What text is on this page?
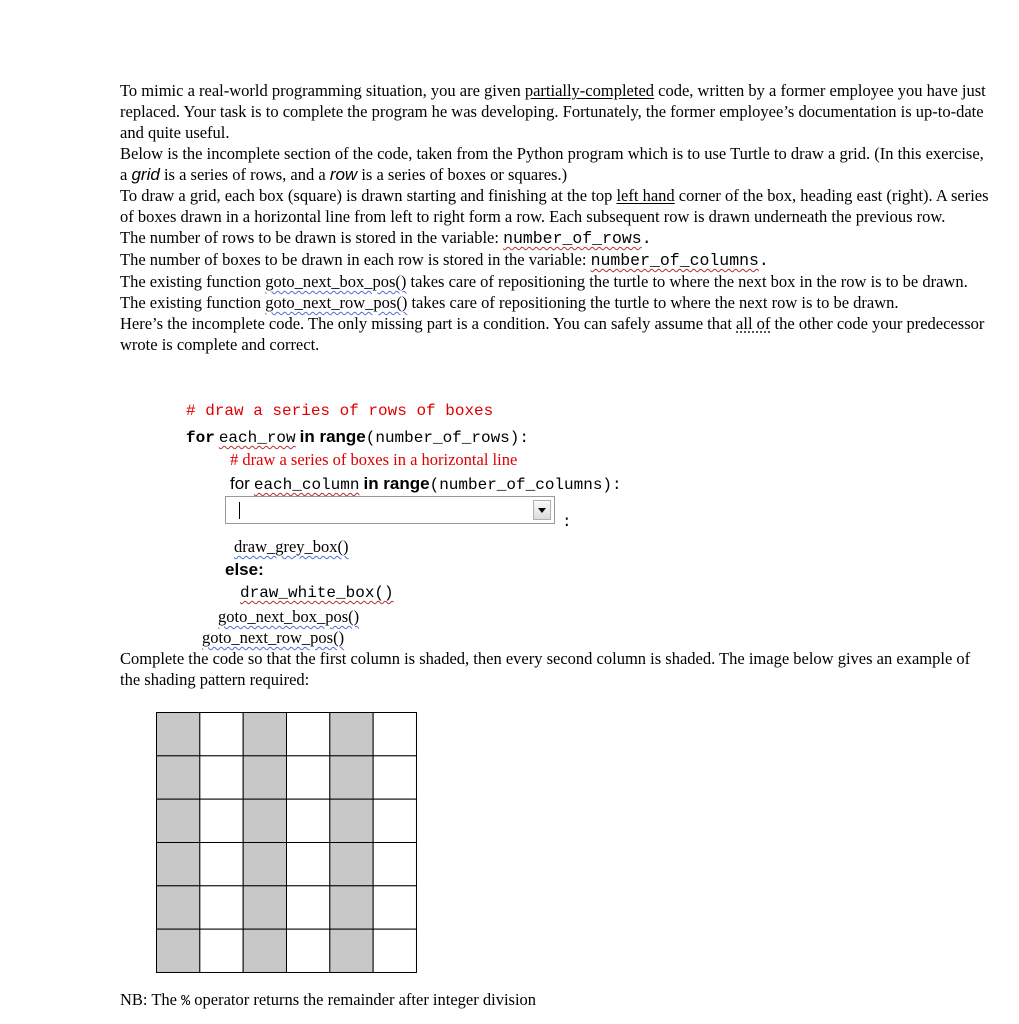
To mimic a real-world programming situation, you are given partially-completed code, written by a former employee you have just replaced. Your task is to complete the program he was developing. Fortunately, the former employee’s documentation is up-to-date and quite useful.

Below is the incomplete section of the code, taken from the Python program which is to use Turtle to draw a grid. (In this exercise, a grid is a series of rows, and a row is a series of boxes or squares.)

To draw a grid, each box (square) is drawn starting and finishing at the top left hand corner of the box, heading east (right). A series of boxes drawn in a horizontal line from left to right form a row. Each subsequent row is drawn underneath the previous row.

The number of rows to be drawn is stored in the variable: number_of_rows.

The number of boxes to be drawn in each row is stored in the variable: number_of_columns.

The existing function goto_next_box_pos() takes care of repositioning the turtle to where the next box in the row is to be drawn. The existing function goto_next_row_pos() takes care of repositioning the turtle to where the next row is to be drawn.

Here’s the incomplete code. The only missing part is a condition. You can safely assume that all of the other code your predecessor wrote is complete and correct.

# draw a series of rows of boxes
for each_row in range(number_of_rows):
# draw a series of boxes in a horizontal line
for each_column in range(number_of_columns):
:
draw_grey_box()
else:
draw_white_box()
goto_next_box_pos()
goto_next_row_pos()
Complete the code so that the first column is shaded, then every second column is shaded. The image below gives an example of the shading pattern required:
NB: The % operator returns the remainder after integer division
